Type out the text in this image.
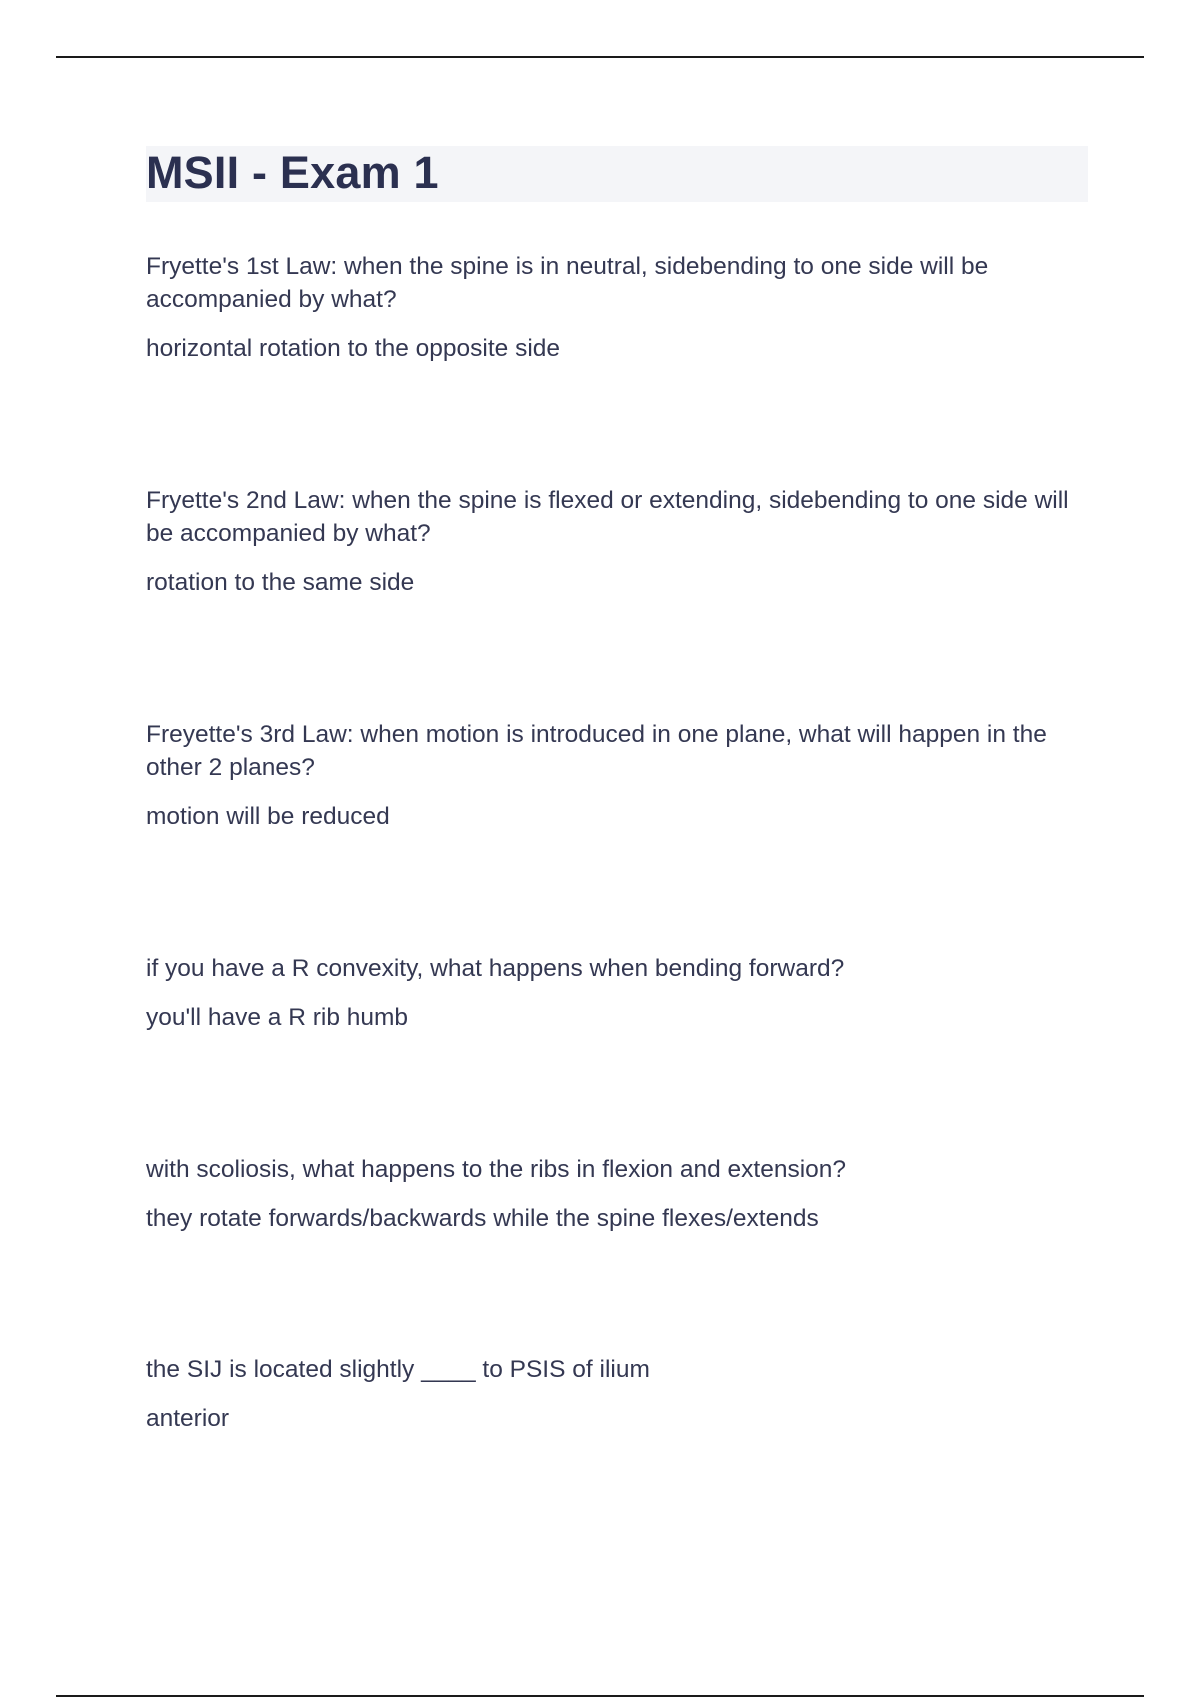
MSII - Exam 1

Fryette's 1st Law: when the spine is in neutral, sidebending to one side will be accompanied by what?

horizontal rotation to the opposite side

Fryette's 2nd Law: when the spine is flexed or extending, sidebending to one side will be accompanied by what?

rotation to the same side

Freyette's 3rd Law: when motion is introduced in one plane, what will happen in the other 2 planes?

motion will be reduced

if you have a R convexity, what happens when bending forward?

you'll have a R rib humb

with scoliosis, what happens to the ribs in flexion and extension?

they rotate forwards/backwards while the spine flexes/extends

the SIJ is located slightly ____ to PSIS of ilium

anterior
